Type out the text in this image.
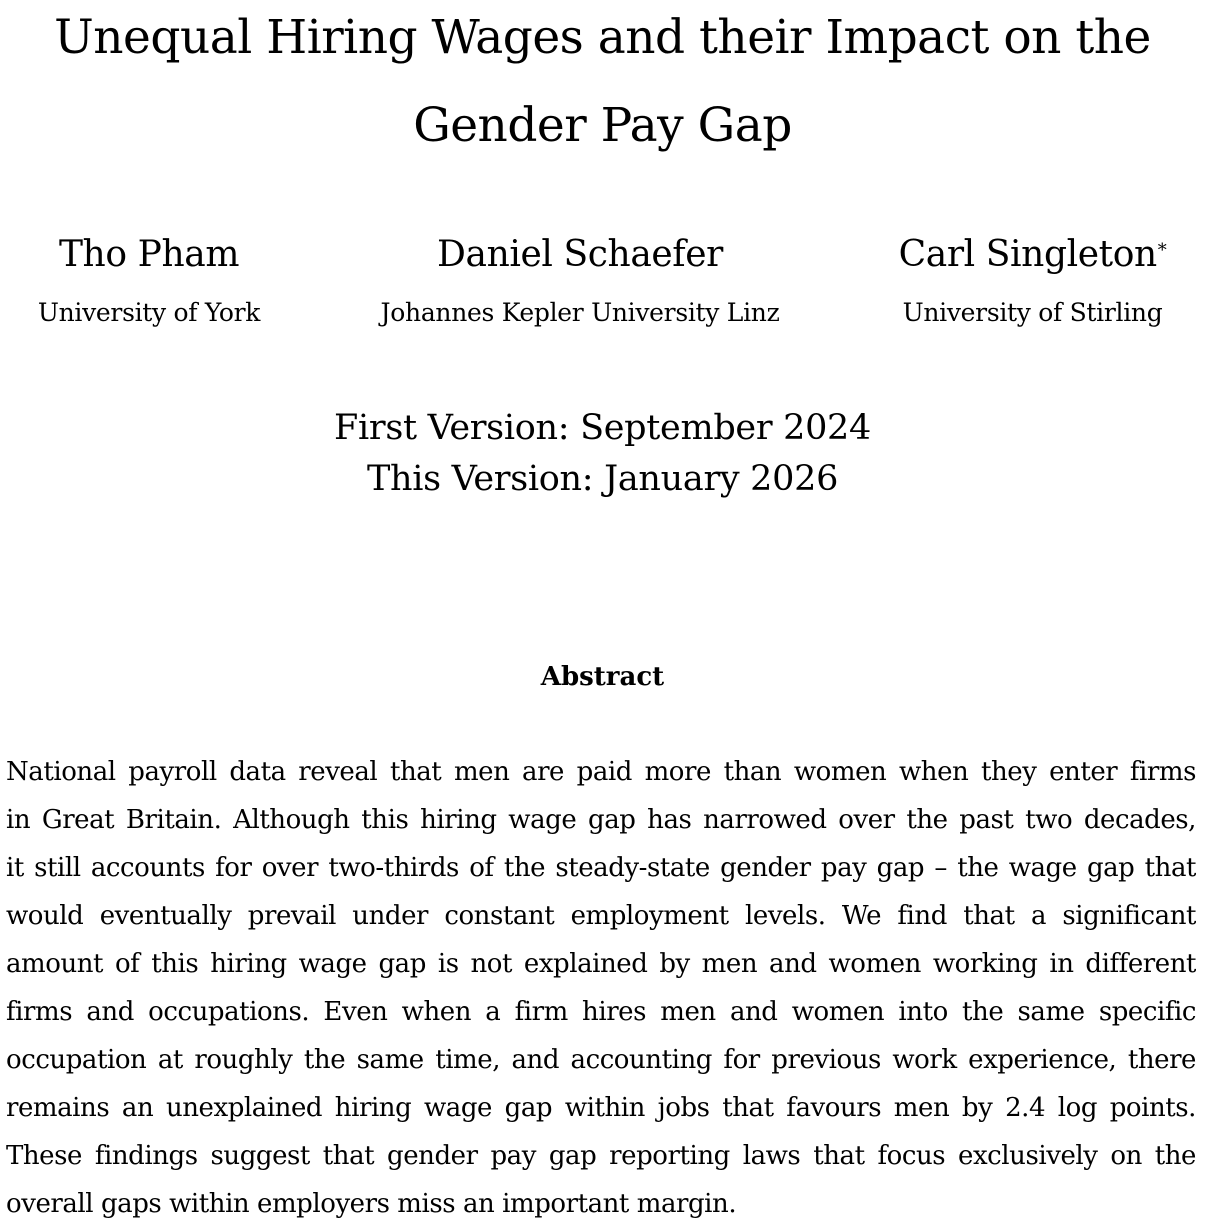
Unequal Hiring Wages and their Impact on the
Gender Pay Gap
Tho Pham
University of York
Daniel Schaefer
Johannes Kepler University Linz
Carl Singleton*
University of Stirling
First Version: September 2024
This Version: January 2026
Abstract

National payroll data reveal that men are paid more than women when they enter firms
in Great Britain. Although this hiring wage gap has narrowed over the past two decades,
it still accounts for over two-thirds of the steady-state gender pay gap – the wage gap that
would eventually prevail under constant employment levels. We find that a significant
amount of this hiring wage gap is not explained by men and women working in different
firms and occupations. Even when a firm hires men and women into the same specific
occupation at roughly the same time, and accounting for previous work experience, there
remains an unexplained hiring wage gap within jobs that favours men by 2.4 log points.
These findings suggest that gender pay gap reporting laws that focus exclusively on the
overall gaps within employers miss an important margin.
